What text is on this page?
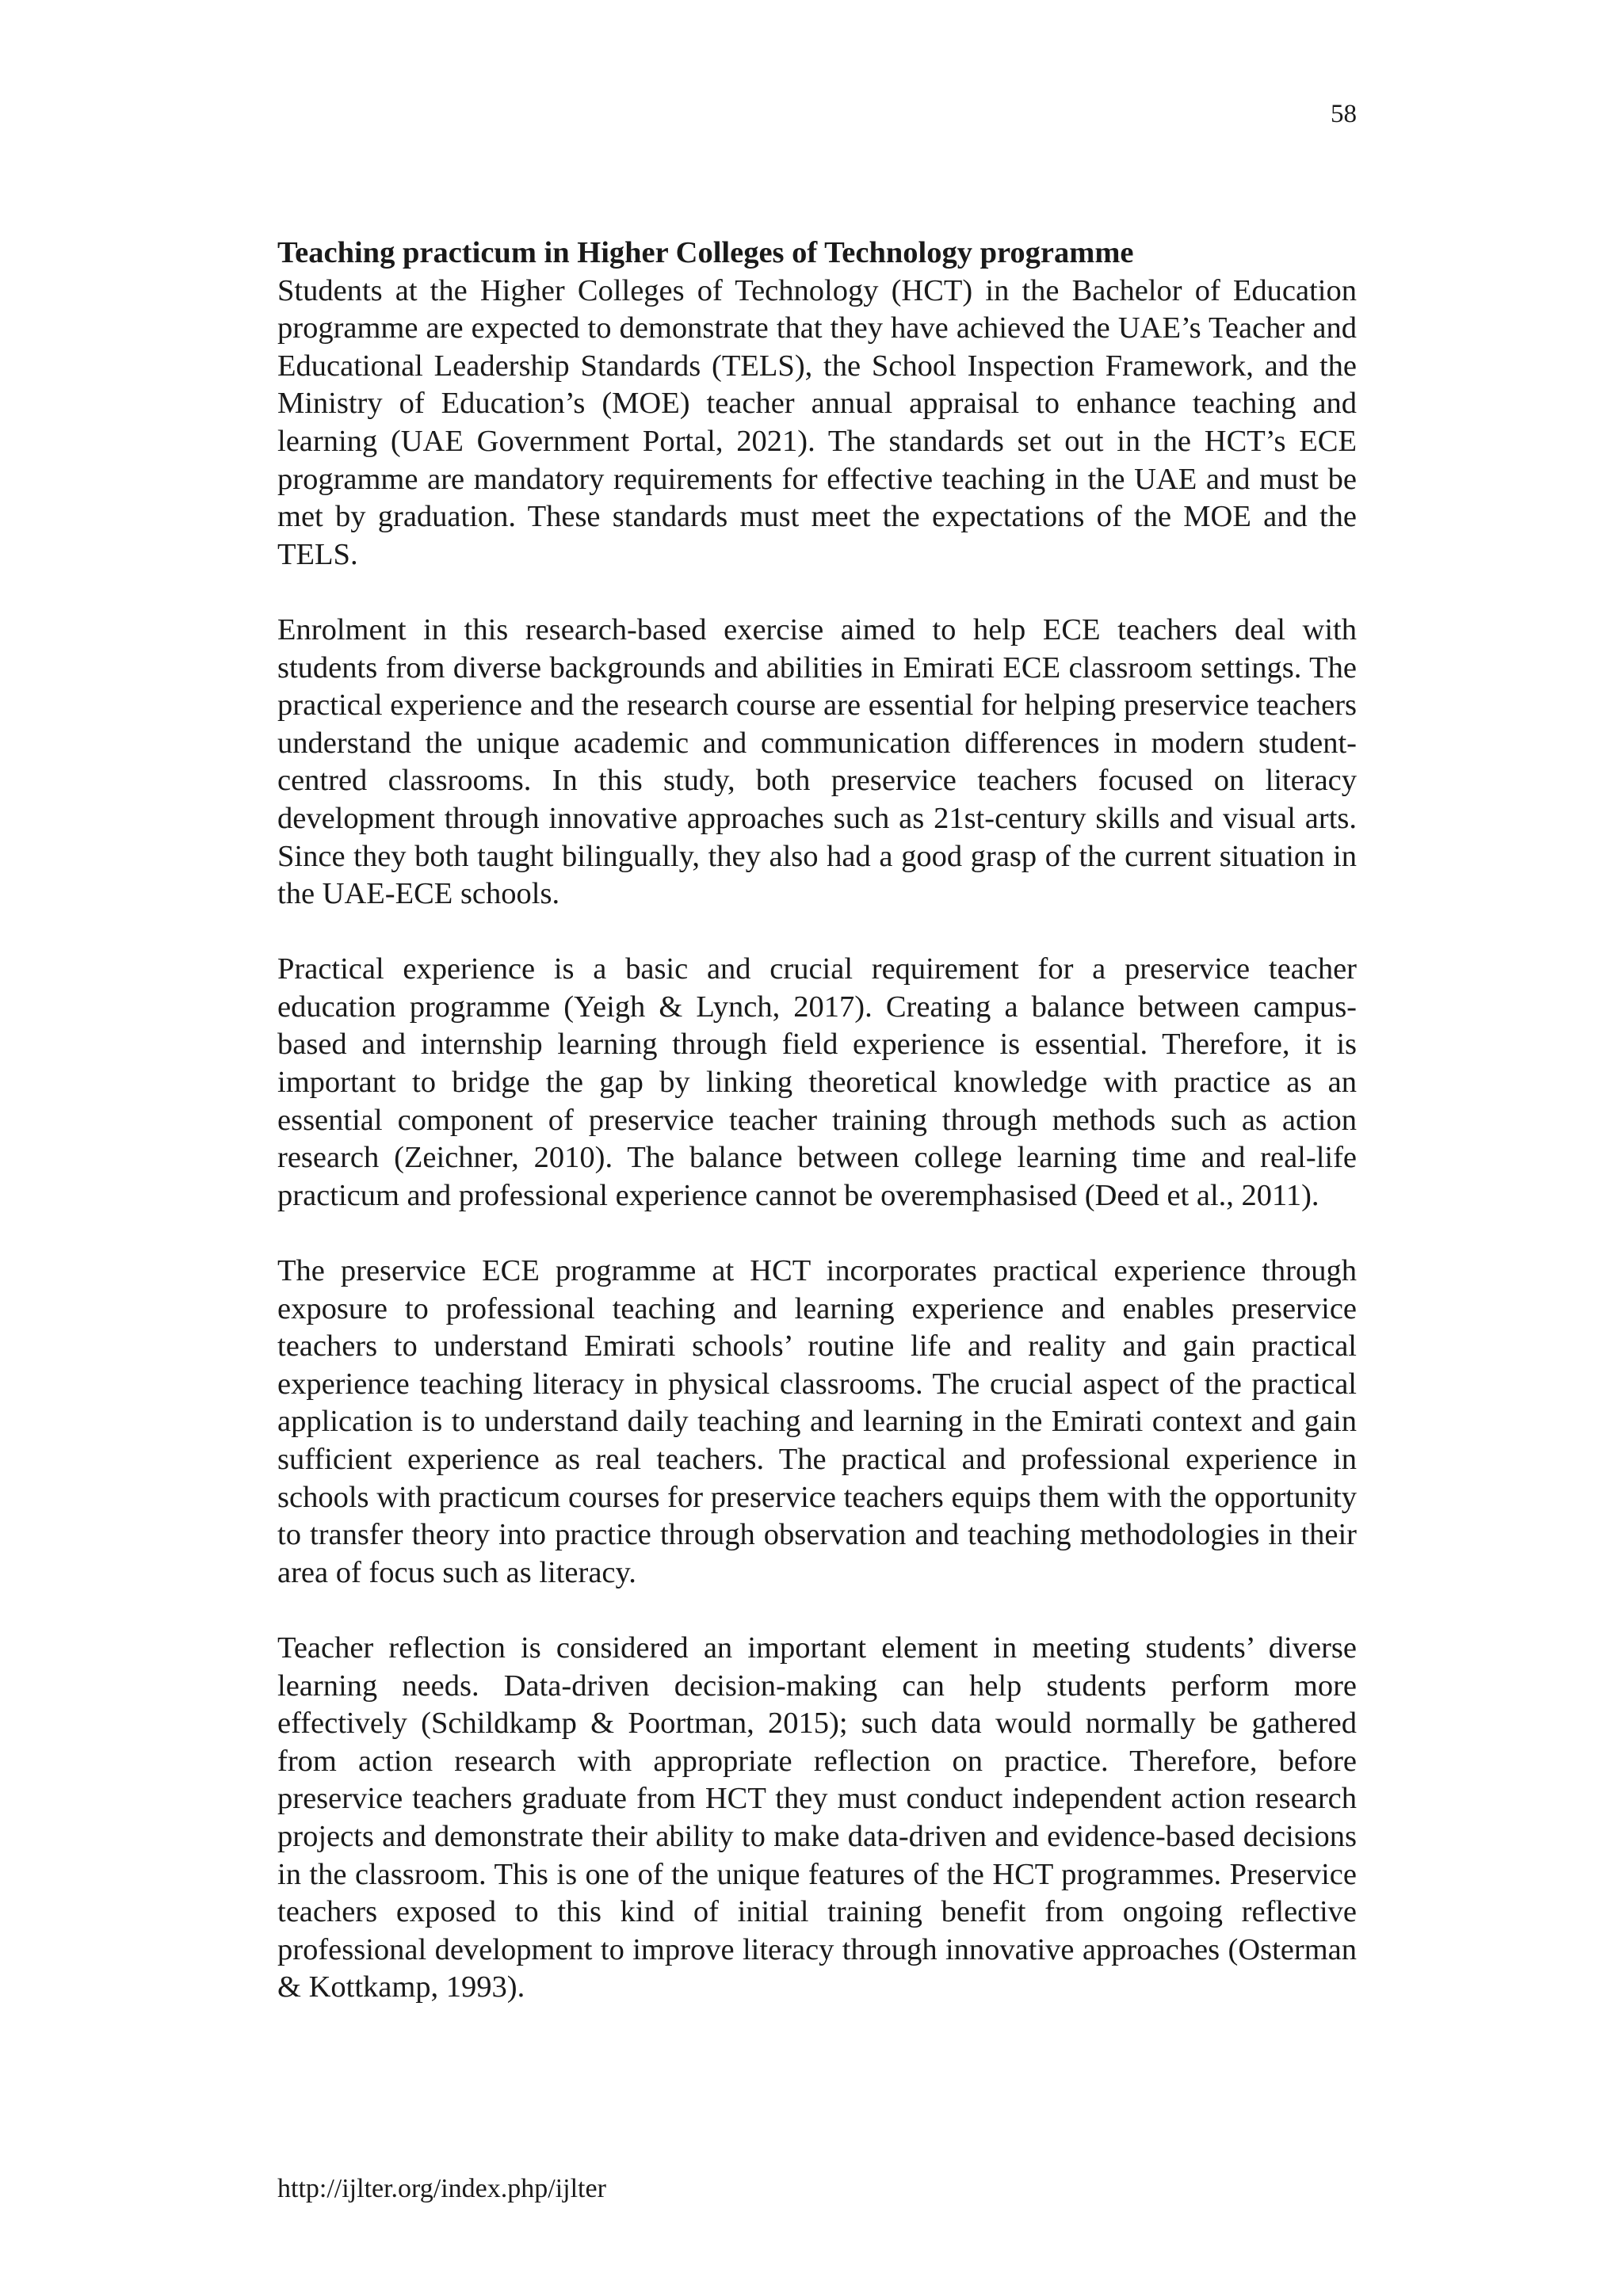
58

Teaching practicum in Higher Colleges of Technology programme

Students at the Higher Colleges of Technology (HCT) in the Bachelor of Education programme are expected to demonstrate that they have achieved the UAE’s Teacher and Educational Leadership Standards (TELS), the School Inspection Framework, and the Ministry of Education’s (MOE) teacher annual appraisal to enhance teaching and learning (UAE Government Portal, 2021). The standards set out in the HCT’s ECE programme are mandatory requirements for effective teaching in the UAE and must be met by graduation. These standards must meet the expectations of the MOE and the TELS.

Enrolment in this research-based exercise aimed to help ECE teachers deal with students from diverse backgrounds and abilities in Emirati ECE classroom settings. The practical experience and the research course are essential for helping preservice teachers understand the unique academic and communication differences in modern student-centred classrooms. In this study, both preservice teachers focused on literacy development through innovative approaches such as 21st-century skills and visual arts. Since they both taught bilingually, they also had a good grasp of the current situation in the UAE-ECE schools.

Practical experience is a basic and crucial requirement for a preservice teacher education programme (Yeigh & Lynch, 2017). Creating a balance between campus-based and internship learning through field experience is essential. Therefore, it is important to bridge the gap by linking theoretical knowledge with practice as an essential component of preservice teacher training through methods such as action research (Zeichner, 2010). The balance between college learning time and real-life practicum and professional experience cannot be overemphasised (Deed et al., 2011).

The preservice ECE programme at HCT incorporates practical experience through exposure to professional teaching and learning experience and enables preservice teachers to understand Emirati schools’ routine life and reality and gain practical experience teaching literacy in physical classrooms. The crucial aspect of the practical application is to understand daily teaching and learning in the Emirati context and gain sufficient experience as real teachers. The practical and professional experience in schools with practicum courses for preservice teachers equips them with the opportunity to transfer theory into practice through observation and teaching methodologies in their area of focus such as literacy.

Teacher reflection is considered an important element in meeting students’ diverse learning needs. Data-driven decision-making can help students perform more effectively (Schildkamp & Poortman, 2015); such data would normally be gathered from action research with appropriate reflection on practice. Therefore, before preservice teachers graduate from HCT they must conduct independent action research projects and demonstrate their ability to make data-driven and evidence-based decisions in the classroom. This is one of the unique features of the HCT programmes. Preservice teachers exposed to this kind of initial training benefit from ongoing reflective professional development to improve literacy through innovative approaches (Osterman & Kottkamp, 1993).

http://ijlter.org/index.php/ijlter
